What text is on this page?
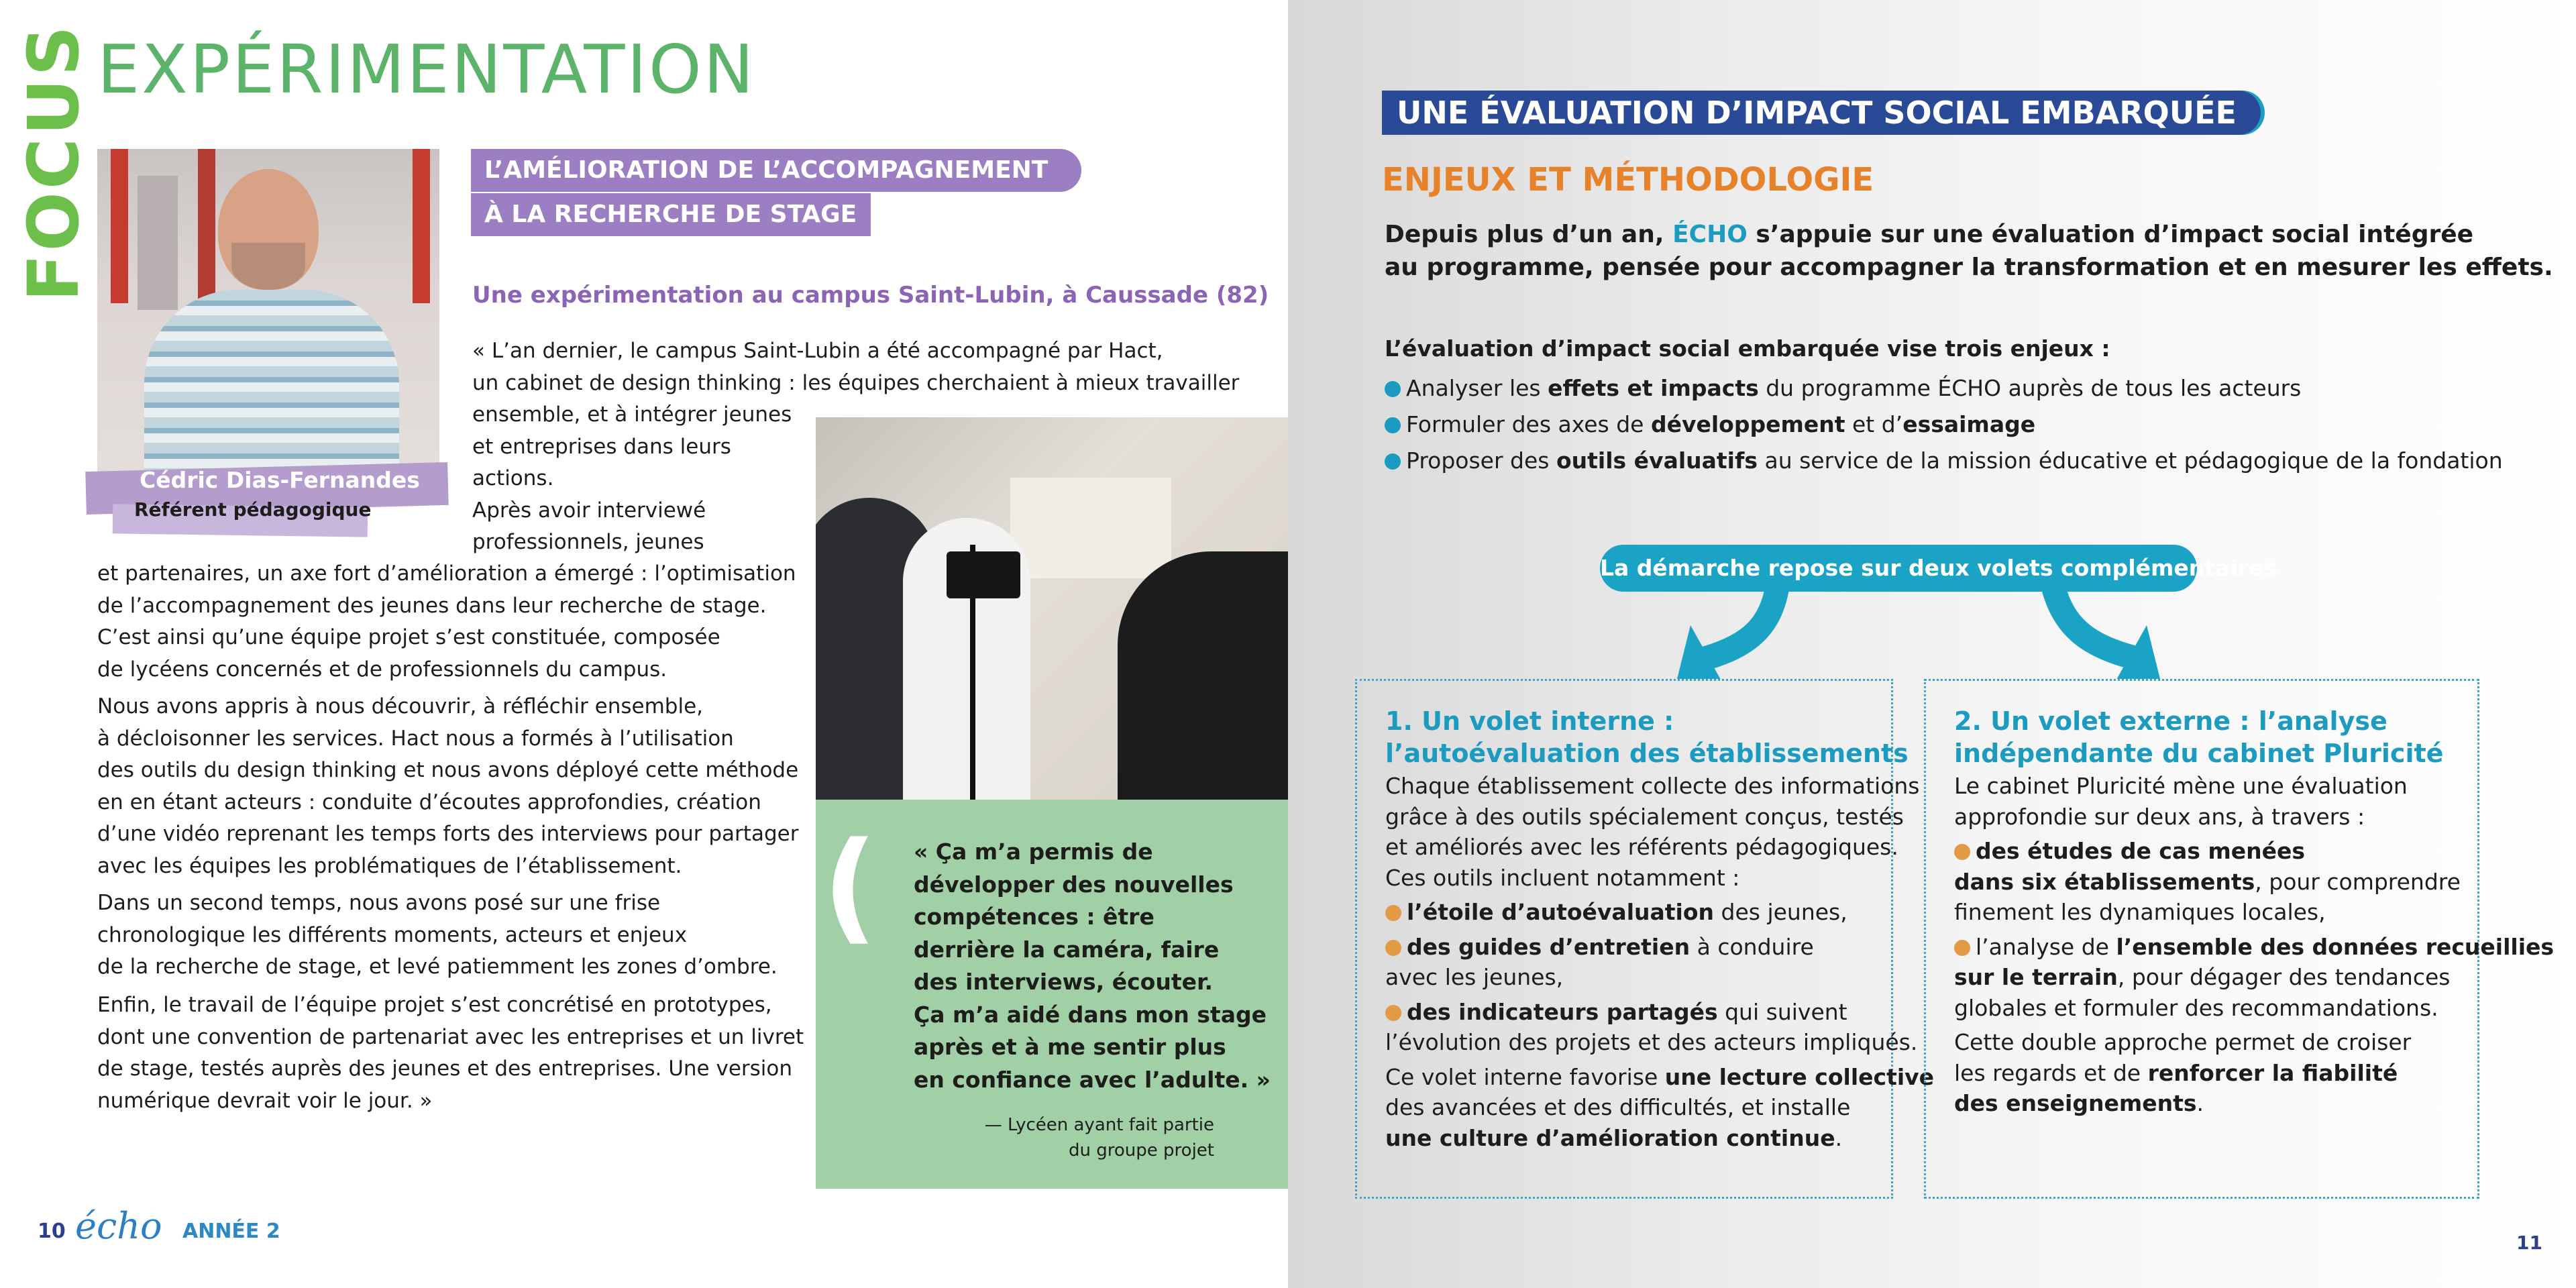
FOCUS EXPÉRIMENTATION
Cédric Dias-Fernandes
Référent pédagogique
L’AMÉLIORATION DE L’ACCOMPAGNEMENT
À LA RECHERCHE DE STAGE
Une expérimentation au campus Saint-Lubin, à Caussade (82)
« L’an dernier, le campus Saint-Lubin a été accompagné par Hact,
un cabinet de design thinking : les équipes cherchaient à mieux travailler
ensemble, et à intégrer jeunes
et entreprises dans leurs
actions.
Après avoir interviewé
professionnels, jeunes
et partenaires, un axe fort d’amélioration a émergé : l’optimisation
de l’accompagnement des jeunes dans leur recherche de stage.
C’est ainsi qu’une équipe projet s’est constituée, composée
de lycéens concernés et de professionnels du campus.
Nous avons appris à nous découvrir, à réfléchir ensemble,
à décloisonner les services. Hact nous a formés à l’utilisation
des outils du design thinking et nous avons déployé cette méthode
en en étant acteurs : conduite d’écoutes approfondies, création
d’une vidéo reprenant les temps forts des interviews pour partager
avec les équipes les problématiques de l’établissement.
Dans un second temps, nous avons posé sur une frise
chronologique les différents moments, acteurs et enjeux
de la recherche de stage, et levé patiemment les zones d’ombre.
Enfin, le travail de l’équipe projet s’est concrétisé en prototypes,
dont une convention de partenariat avec les entreprises et un livret
de stage, testés auprès des jeunes et des entreprises. Une version
numérique devrait voir le jour. »
( « Ça m’a permis de
développer des nouvelles
compétences : être
derrière la caméra, faire
des interviews, écouter.
Ça m’a aidé dans mon stage
après et à me sentir plus
en confiance avec l’adulte. »
— Lycéen ayant fait partie
du groupe projet
10 écho ANNÉE 2
UNE ÉVALUATION D’IMPACT SOCIAL EMBARQUÉE
ENJEUX ET MÉTHODOLOGIE
Depuis plus d’un an, ÉCHO s’appuie sur une évaluation d’impact social intégrée
au programme, pensée pour accompagner la transformation et en mesurer les effets.
L’évaluation d’impact social embarquée vise trois enjeux :
Analyser les effets et impacts du programme ÉCHO auprès de tous les acteurs
Formuler des axes de développement et d’essaimage
Proposer des outils évaluatifs au service de la mission éducative et pédagogique de la fondation
La démarche repose sur deux volets complémentaires
1. Un volet interne :
l’autoévaluation des établissements
Chaque établissement collecte des informations
grâce à des outils spécialement conçus, testés
et améliorés avec les référents pédagogiques.
Ces outils incluent notamment :
l’étoile d’autoévaluation des jeunes,
des guides d’entretien à conduire
avec les jeunes,
des indicateurs partagés qui suivent
l’évolution des projets et des acteurs impliqués.
Ce volet interne favorise une lecture collective
des avancées et des difficultés, et installe
une culture d’amélioration continue.
2. Un volet externe : l’analyse
indépendante du cabinet Pluricité
Le cabinet Pluricité mène une évaluation
approfondie sur deux ans, à travers :
des études de cas menées
dans six établissements, pour comprendre
finement les dynamiques locales,
l’analyse de l’ensemble des données recueillies
sur le terrain, pour dégager des tendances
globales et formuler des recommandations.
Cette double approche permet de croiser
les regards et de renforcer la fiabilité
des enseignements.
11
